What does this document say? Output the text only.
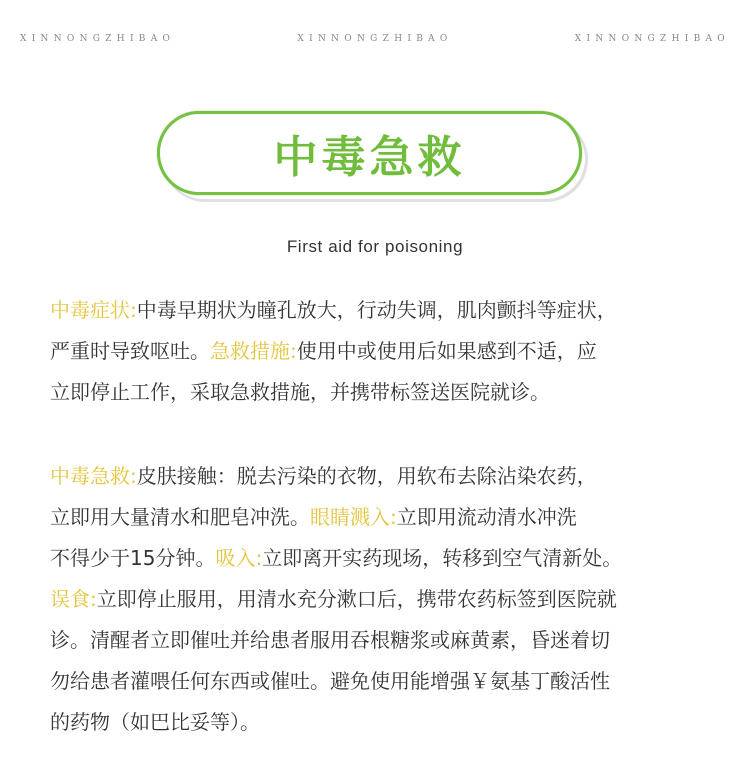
XINNONGZHIBAO	XINNONGZHIBAO	XINNONGZHIBAO
中毒急救
First aid for poisoning
中毒症状:中毒早期状为瞳孔放大，行动失调，肌肉颤抖等症状，
严重时导致呕吐。急救措施:使用中或使用后如果感到不适，应
立即停止工作，采取急救措施，并携带标签送医院就诊。
中毒急救:皮肤接触：脱去污染的衣物，用软布去除沾染农药，
立即用大量清水和肥皂冲洗。眼睛溅入:立即用流动清水冲洗
不得少于15分钟。吸入:立即离开实药现场，转移到空气清新处。
误食:立即停止服用，用清水充分漱口后，携带农药标签到医院就
诊。清醒者立即催吐并给患者服用吞根糖浆或麻黄素，昏迷着切
勿给患者灌喂任何东西或催吐。避免使用能增强￥氨基丁酸活性
的药物（如巴比妥等）。
